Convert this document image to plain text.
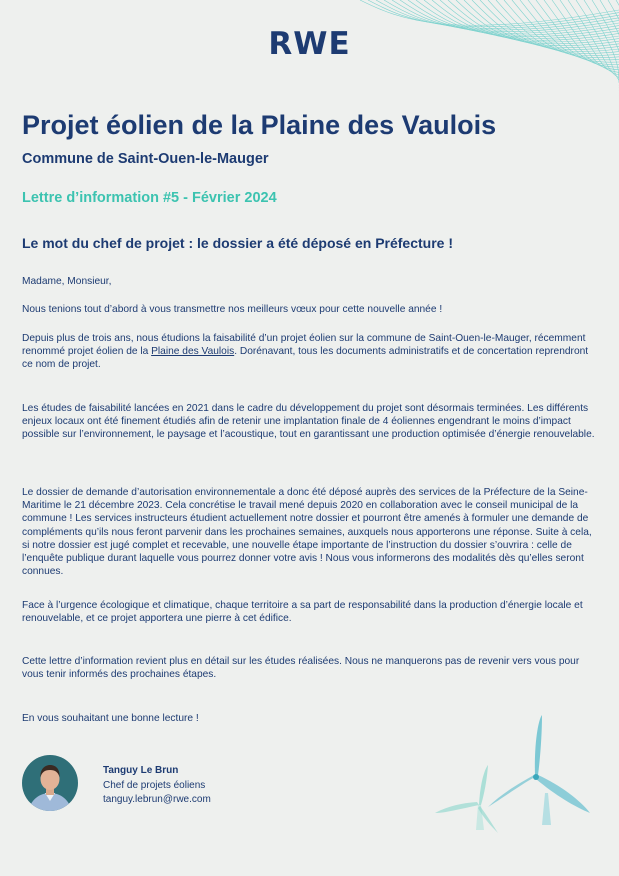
RWE
Projet éolien de la Plaine des Vaulois
Commune de Saint-Ouen-le-Mauger
Lettre d’information #5 - Février 2024
Le mot du chef de projet : le dossier a été déposé en Préfecture !

Madame, Monsieur,

Nous tenions tout d’abord à vous transmettre nos meilleurs vœux pour cette nouvelle année !

Depuis plus de trois ans, nous étudions la faisabilité d’un projet éolien sur la commune de Saint-Ouen-le-Mauger, récemment renommé projet éolien de la Plaine des Vaulois. Dorénavant, tous les documents administratifs et de concertation reprendront ce nom de projet.

Les études de faisabilité lancées en 2021 dans le cadre du développement du projet sont désormais terminées. Les différents enjeux locaux ont été finement étudiés afin de retenir une implantation finale de 4 éoliennes engendrant le moins d’impact possible sur l’environnement, le paysage et l’acoustique, tout en garantissant une production optimisée d’énergie renouvelable.

Le dossier de demande d’autorisation environnementale a donc été déposé auprès des services de la Préfecture de la Seine-Maritime le 21 décembre 2023. Cela concrétise le travail mené depuis 2020 en collaboration avec le conseil municipal de la commune ! Les services instructeurs étudient actuellement notre dossier et pourront être amenés à formuler une demande de compléments qu’ils nous feront parvenir dans les prochaines semaines, auxquels nous apporterons une réponse. Suite à cela, si notre dossier est jugé complet et recevable, une nouvelle étape importante de l’instruction du dossier s’ouvrira : celle de l’enquête publique durant laquelle vous pourrez donner votre avis ! Nous vous informerons des modalités dès qu’elles seront connues.

Face à l’urgence écologique et climatique, chaque territoire a sa part de responsabilité dans la production d’énergie locale et renouvelable, et ce projet apportera une pierre à cet édifice.

Cette lettre d’information revient plus en détail sur les études réalisées. Nous ne manquerons pas de revenir vers vous pour vous tenir informés des prochaines étapes.

En vous souhaitant une bonne lecture !

Tanguy Le Brun
Chef de projets éoliens
tanguy.lebrun@rwe.com
